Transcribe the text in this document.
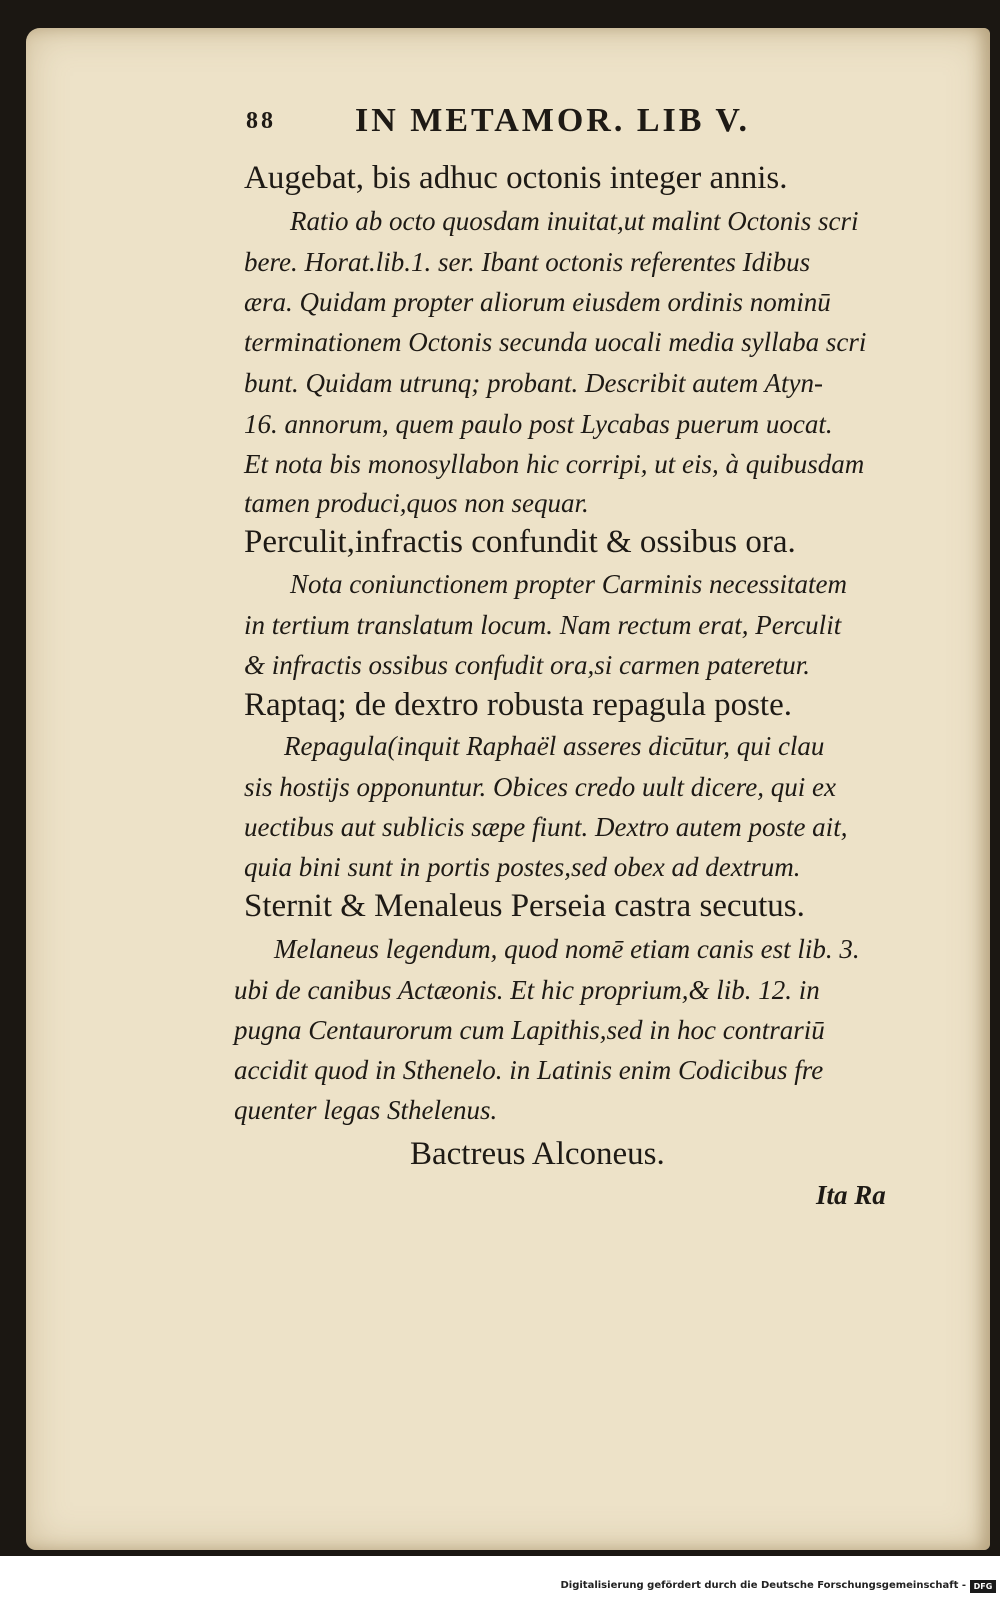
88 IN METAMOR. LIB V.
Augebat, bis adhuc octonis integer annis.
Ratio ab octo quosdam inuitat,ut malint Octonis scri
bere. Horat.lib.1. ser. Ibant octonis referentes Idibus
æra. Quidam propter aliorum eiusdem ordinis nominū
terminationem Octonis secunda uocali media syllaba scri
bunt. Quidam utrunq; probant. Describit autem Atyn-
16. annorum, quem paulo post Lycabas puerum uocat.
Et nota bis monosyllabon hic corripi, ut eis, à quibusdam
tamen produci,quos non sequar.
Perculit,infractis confundit & ossibus ora.
Nota coniunctionem propter Carminis necessitatem
in tertium translatum locum. Nam rectum erat, Perculit
& infractis ossibus confudit ora,si carmen pateretur.
Raptaq; de dextro robusta repagula poste.
Repagula(inquit Raphaël asseres dicūtur, qui clau
sis hostijs opponuntur. Obices credo uult dicere, qui ex
uectibus aut sublicis sæpe fiunt. Dextro autem poste ait,
quia bini sunt in portis postes,sed obex ad dextrum.
Sternit & Menaleus Perseia castra secutus.
Melaneus legendum, quod nomē etiam canis est lib. 3.
ubi de canibus Actæonis. Et hic proprium,& lib. 12. in
pugna Centaurorum cum Lapithis,sed in hoc contrariū
accidit quod in Sthenelo. in Latinis enim Codicibus fre
quenter legas Sthelenus.
Bactreus Alconeus.
Ita Ra
Digitalisierung gefördert durch die Deutsche Forschungsgemeinschaft - DFG
